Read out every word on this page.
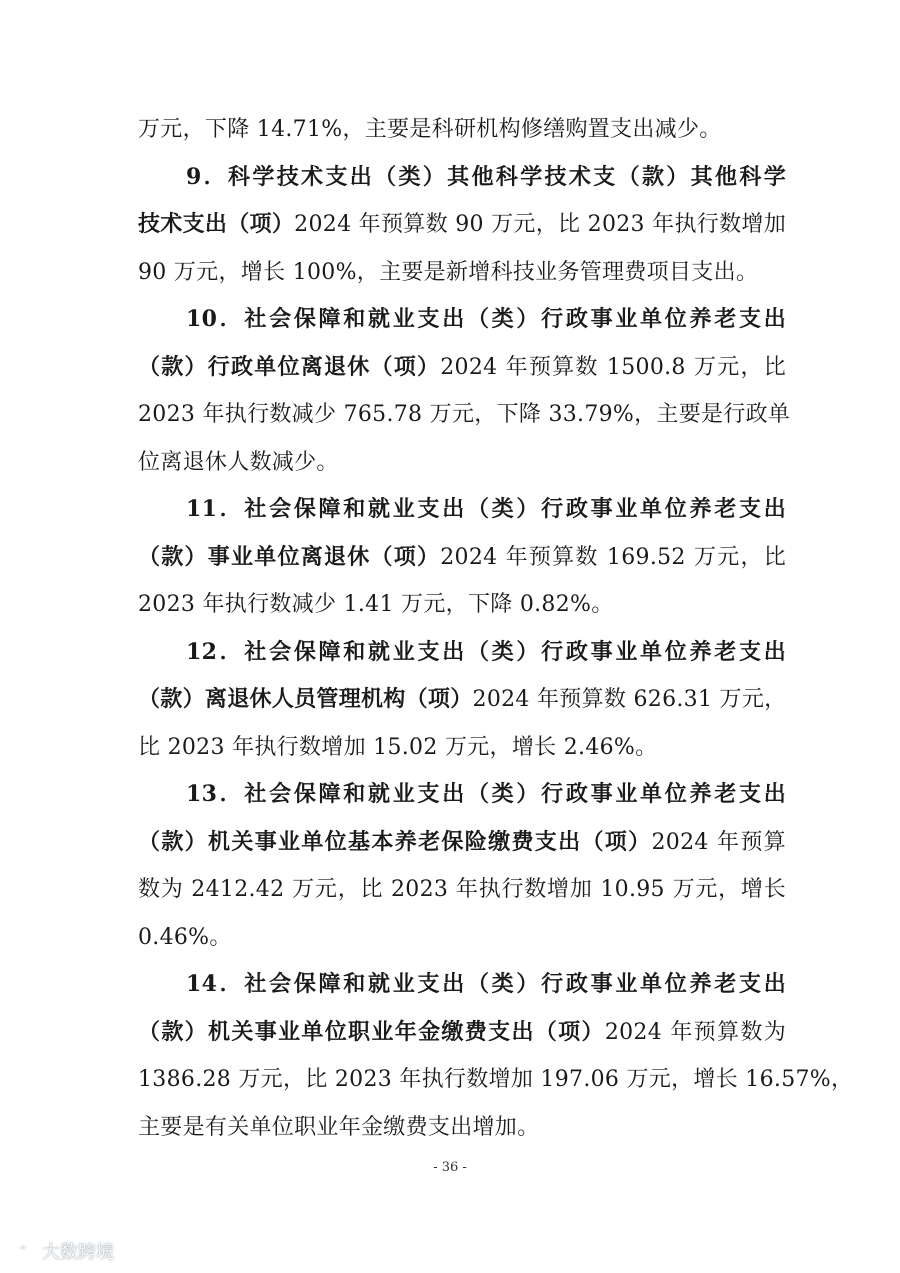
万元，下降 14.71%，主要是科研机构修缮购置支出减少。
9．科学技术支出（类）其他科学技术支（款）其他科学
技术支出（项）2024 年预算数 90 万元，比 2023 年执行数增加
90 万元，增长 100%，主要是新增科技业务管理费项目支出。
10．社会保障和就业支出（类）行政事业单位养老支出
（款）行政单位离退休（项）2024 年预算数 1500.8 万元，比
2023 年执行数减少 765.78 万元，下降 33.79%，主要是行政单
位离退休人数减少。
11．社会保障和就业支出（类）行政事业单位养老支出
（款）事业单位离退休（项）2024 年预算数 169.52 万元，比
2023 年执行数减少 1.41 万元，下降 0.82%。
12．社会保障和就业支出（类）行政事业单位养老支出
（款）离退休人员管理机构（项）2024 年预算数 626.31 万元，
比 2023 年执行数增加 15.02 万元，增长 2.46%。
13．社会保障和就业支出（类）行政事业单位养老支出
（款）机关事业单位基本养老保险缴费支出（项）2024 年预算
数为 2412.42 万元，比 2023 年执行数增加 10.95 万元，增长
0.46%。
14．社会保障和就业支出（类）行政事业单位养老支出
（款）机关事业单位职业年金缴费支出（项）2024 年预算数为
1386.28 万元，比 2023 年执行数增加 197.06 万元，增长 16.57%，
主要是有关单位职业年金缴费支出增加。
- 36 -
“ 大数跨境
